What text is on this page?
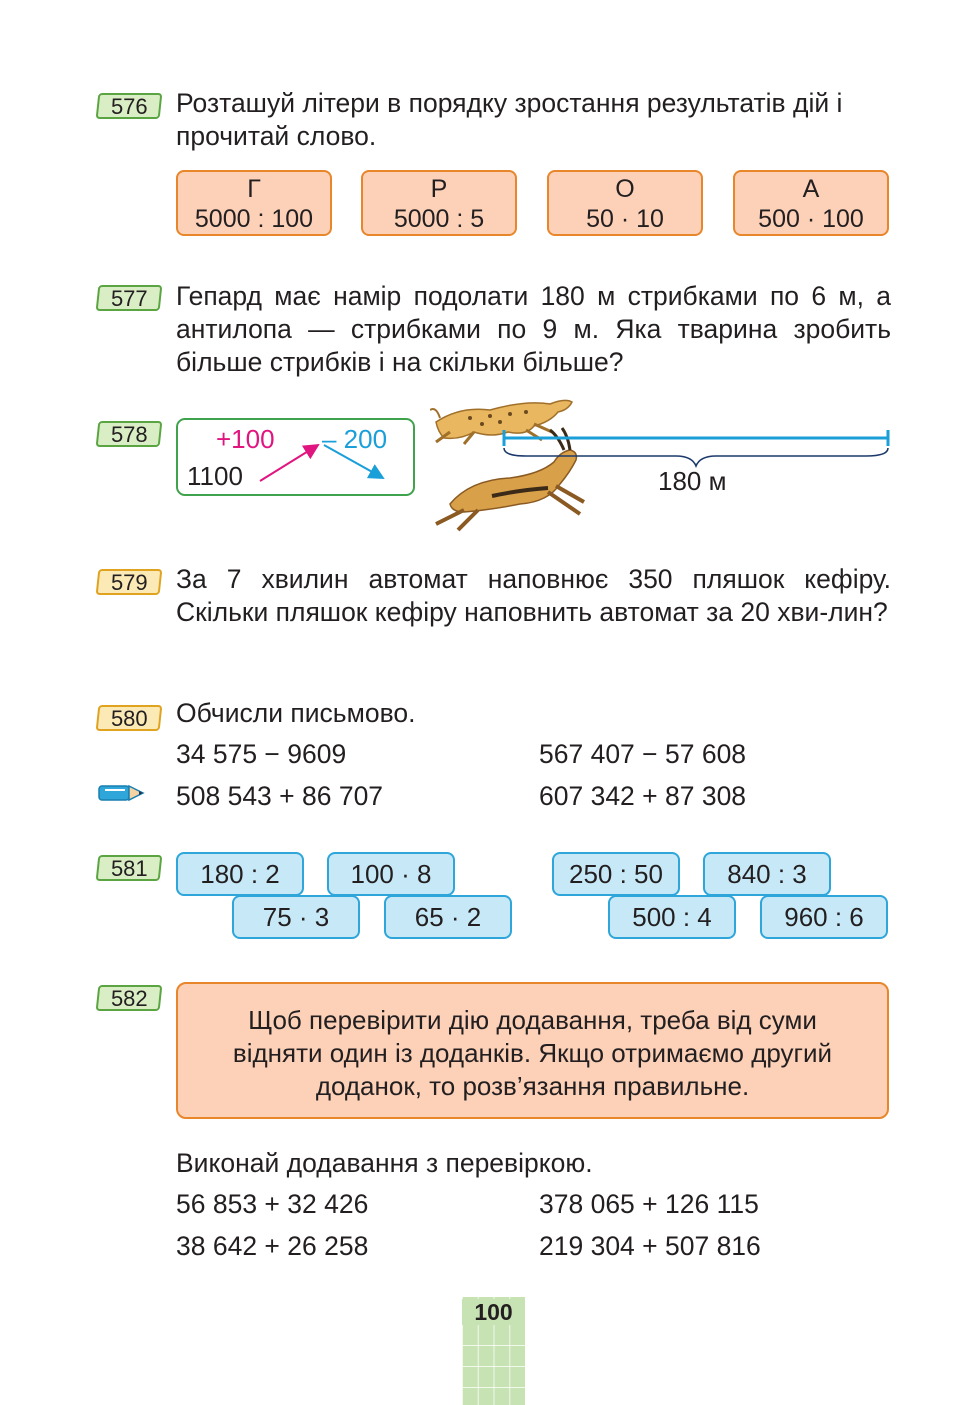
576	Розташуй літери в порядку зростання результатів дій і прочитай слово.
Г
5000 : 100
Р
5000 : 5
О
50 · 10
А
500 · 100
577	Гепард має намір подолати 180 м стрибками по 6 м, а антилопа — стрибками по 9 м. Яка тварина зробить більше стрибків і на скільки більше?
578	+100 – 200
1100	180 м
579	За 7 хвилин автомат наповнює 350 пляшок кефіру. Скільки пляшок кефіру наповнить автомат за 20 хви-лин?
580	Обчисли письмово.
34 575 − 9609	567 407 − 57 608
508 543 + 86 707	607 342 + 87 308
581	180 : 2	100 · 8
75 · 3	65 · 2
250 : 50	840 : 3
500 : 4	960 : 6
582
Щоб перевірити дію додавання, треба від суми відняти один із доданків. Якщо отримаємо другий доданок, то розв’язання правильне.
Виконай додавання з перевіркою.
56 853 + 32 426	378 065 + 126 115
38 642 + 26 258	219 304 + 507 816
100
